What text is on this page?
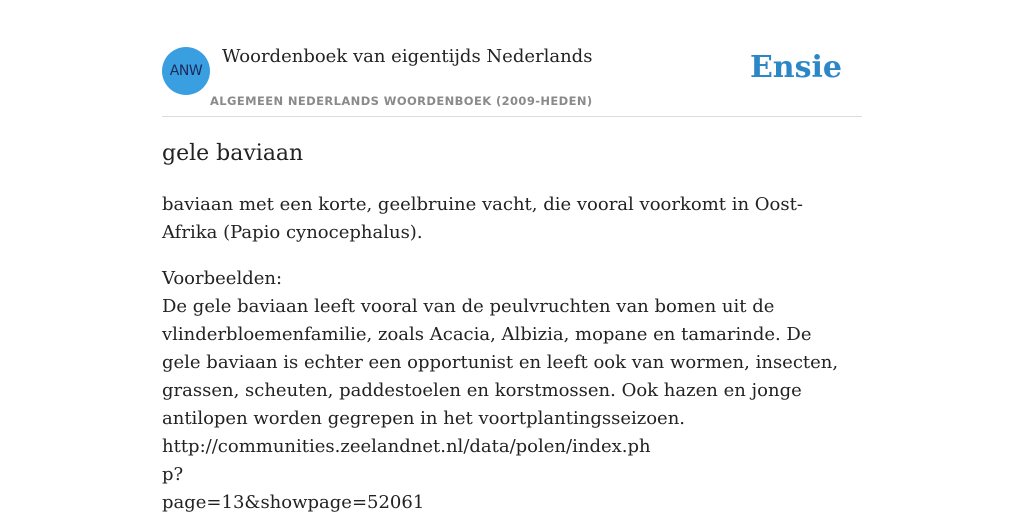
ANW
Woordenboek van eigentijds Nederlands
ALGEMEEN NEDERLANDS WOORDENBOEK (2009-HEDEN)
Ensie
gele baviaan

baviaan met een korte, geelbruine vacht, die vooral voorkomt in Oost-Afrika (Papio cynocephalus).

Voorbeelden:
De gele baviaan leeft vooral van de peulvruchten van bomen uit de vlinderbloemenfamilie, zoals Acacia, Albizia, mopane en tamarinde. De gele baviaan is echter een opportunist en leeft ook van wormen, insecten, grassen, scheuten, paddestoelen en korstmossen. Ook hazen en jonge antilopen worden gegrepen in het voortplantingsseizoen.
http://communities.zeelandnet.nl/data/polen/index.php?
page=13&showpage=52061
